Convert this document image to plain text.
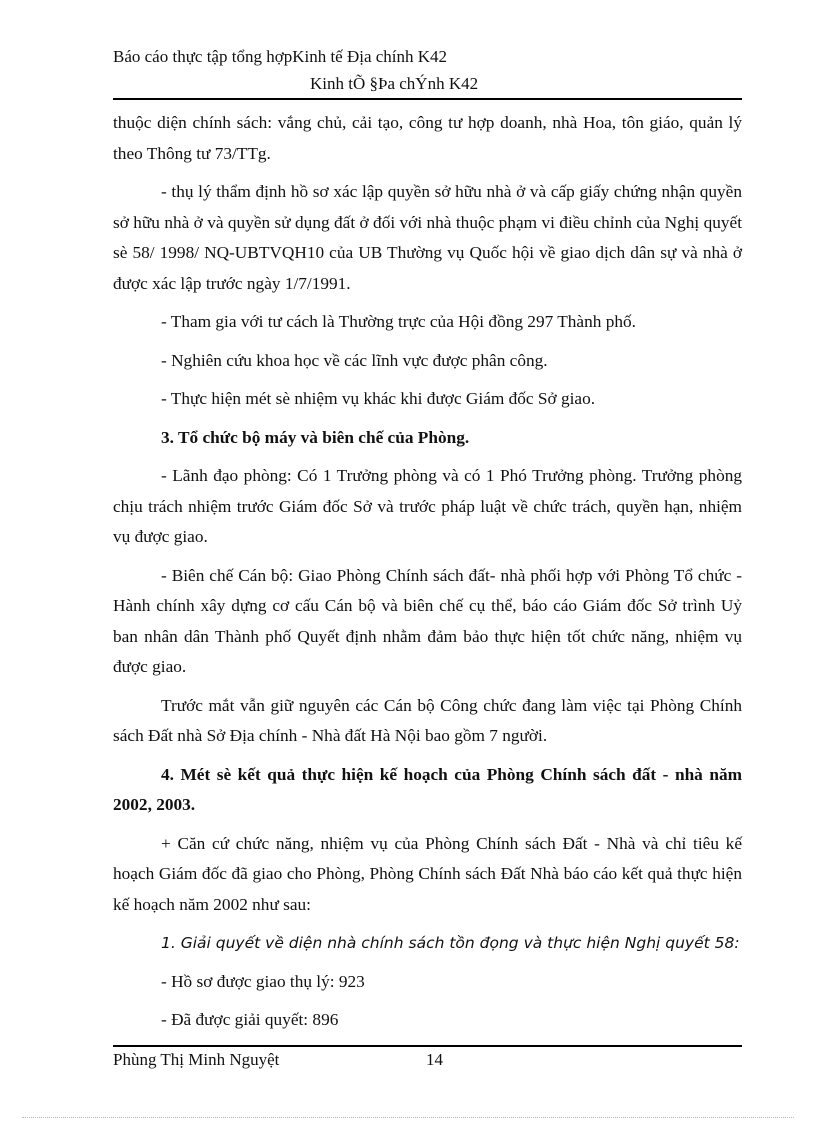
Báo cáo thực tập tổng hợpKinh tế Địa chính K42
Kinh tÕ §Þa chÝnh K42

thuộc diện chính sách: vắng chủ, cải tạo, công tư hợp doanh, nhà Hoa, tôn giáo, quản lý theo Thông tư 73/TTg.

- thụ lý thẩm định hồ sơ xác lập quyền sở hữu nhà ở và cấp giấy chứng nhận quyền sở hữu nhà ở và quyền sử dụng đất ở đối với nhà thuộc phạm vi điều chỉnh của Nghị quyết sè 58/ 1998/ NQ-UBTVQH10 của UB Thường vụ Quốc hội về giao dịch dân sự và nhà ở được xác lập trước ngày 1/7/1991.

- Tham gia với tư cách là Thường trực của Hội đồng 297 Thành phố.

- Nghiên cứu khoa học về các lĩnh vực được phân công.

- Thực hiện mét sè nhiệm vụ khác khi được Giám đốc Sở giao.

3. Tổ chức bộ máy và biên chế của Phòng.

- Lãnh đạo phòng: Có 1 Trưởng phòng và có 1 Phó Trưởng phòng. Trưởng phòng chịu trách nhiệm trước Giám đốc Sở và trước pháp luật về chức trách, quyền hạn, nhiệm vụ được giao.

- Biên chế Cán bộ: Giao Phòng Chính sách đất- nhà phối hợp với Phòng Tổ chức - Hành chính xây dựng cơ cấu Cán bộ và biên chế cụ thể, báo cáo Giám đốc Sở trình Uỷ ban nhân dân Thành phố Quyết định nhằm đảm bảo thực hiện tốt chức năng, nhiệm vụ được giao.

Trước mắt vẫn giữ nguyên các Cán bộ Công chức đang làm việc tại Phòng Chính sách Đất nhà Sở Địa chính - Nhà đất Hà Nội bao gồm 7 người.

4. Mét sè kết quả thực hiện kế hoạch của Phòng Chính sách đất - nhà năm 2002, 2003.

+ Căn cứ chức năng, nhiệm vụ của Phòng Chính sách Đất - Nhà và chỉ tiêu kế hoạch Giám đốc đã giao cho Phòng, Phòng Chính sách Đất Nhà báo cáo kết quả thực hiện kế hoạch năm 2002 như sau:

1. Giải quyết về diện nhà chính sách tồn đọng và thực hiện Nghị quyết 58:

- Hồ sơ được giao thụ lý: 923

- Đã được giải quyết: 896

Phùng Thị Minh Nguyệt	14
